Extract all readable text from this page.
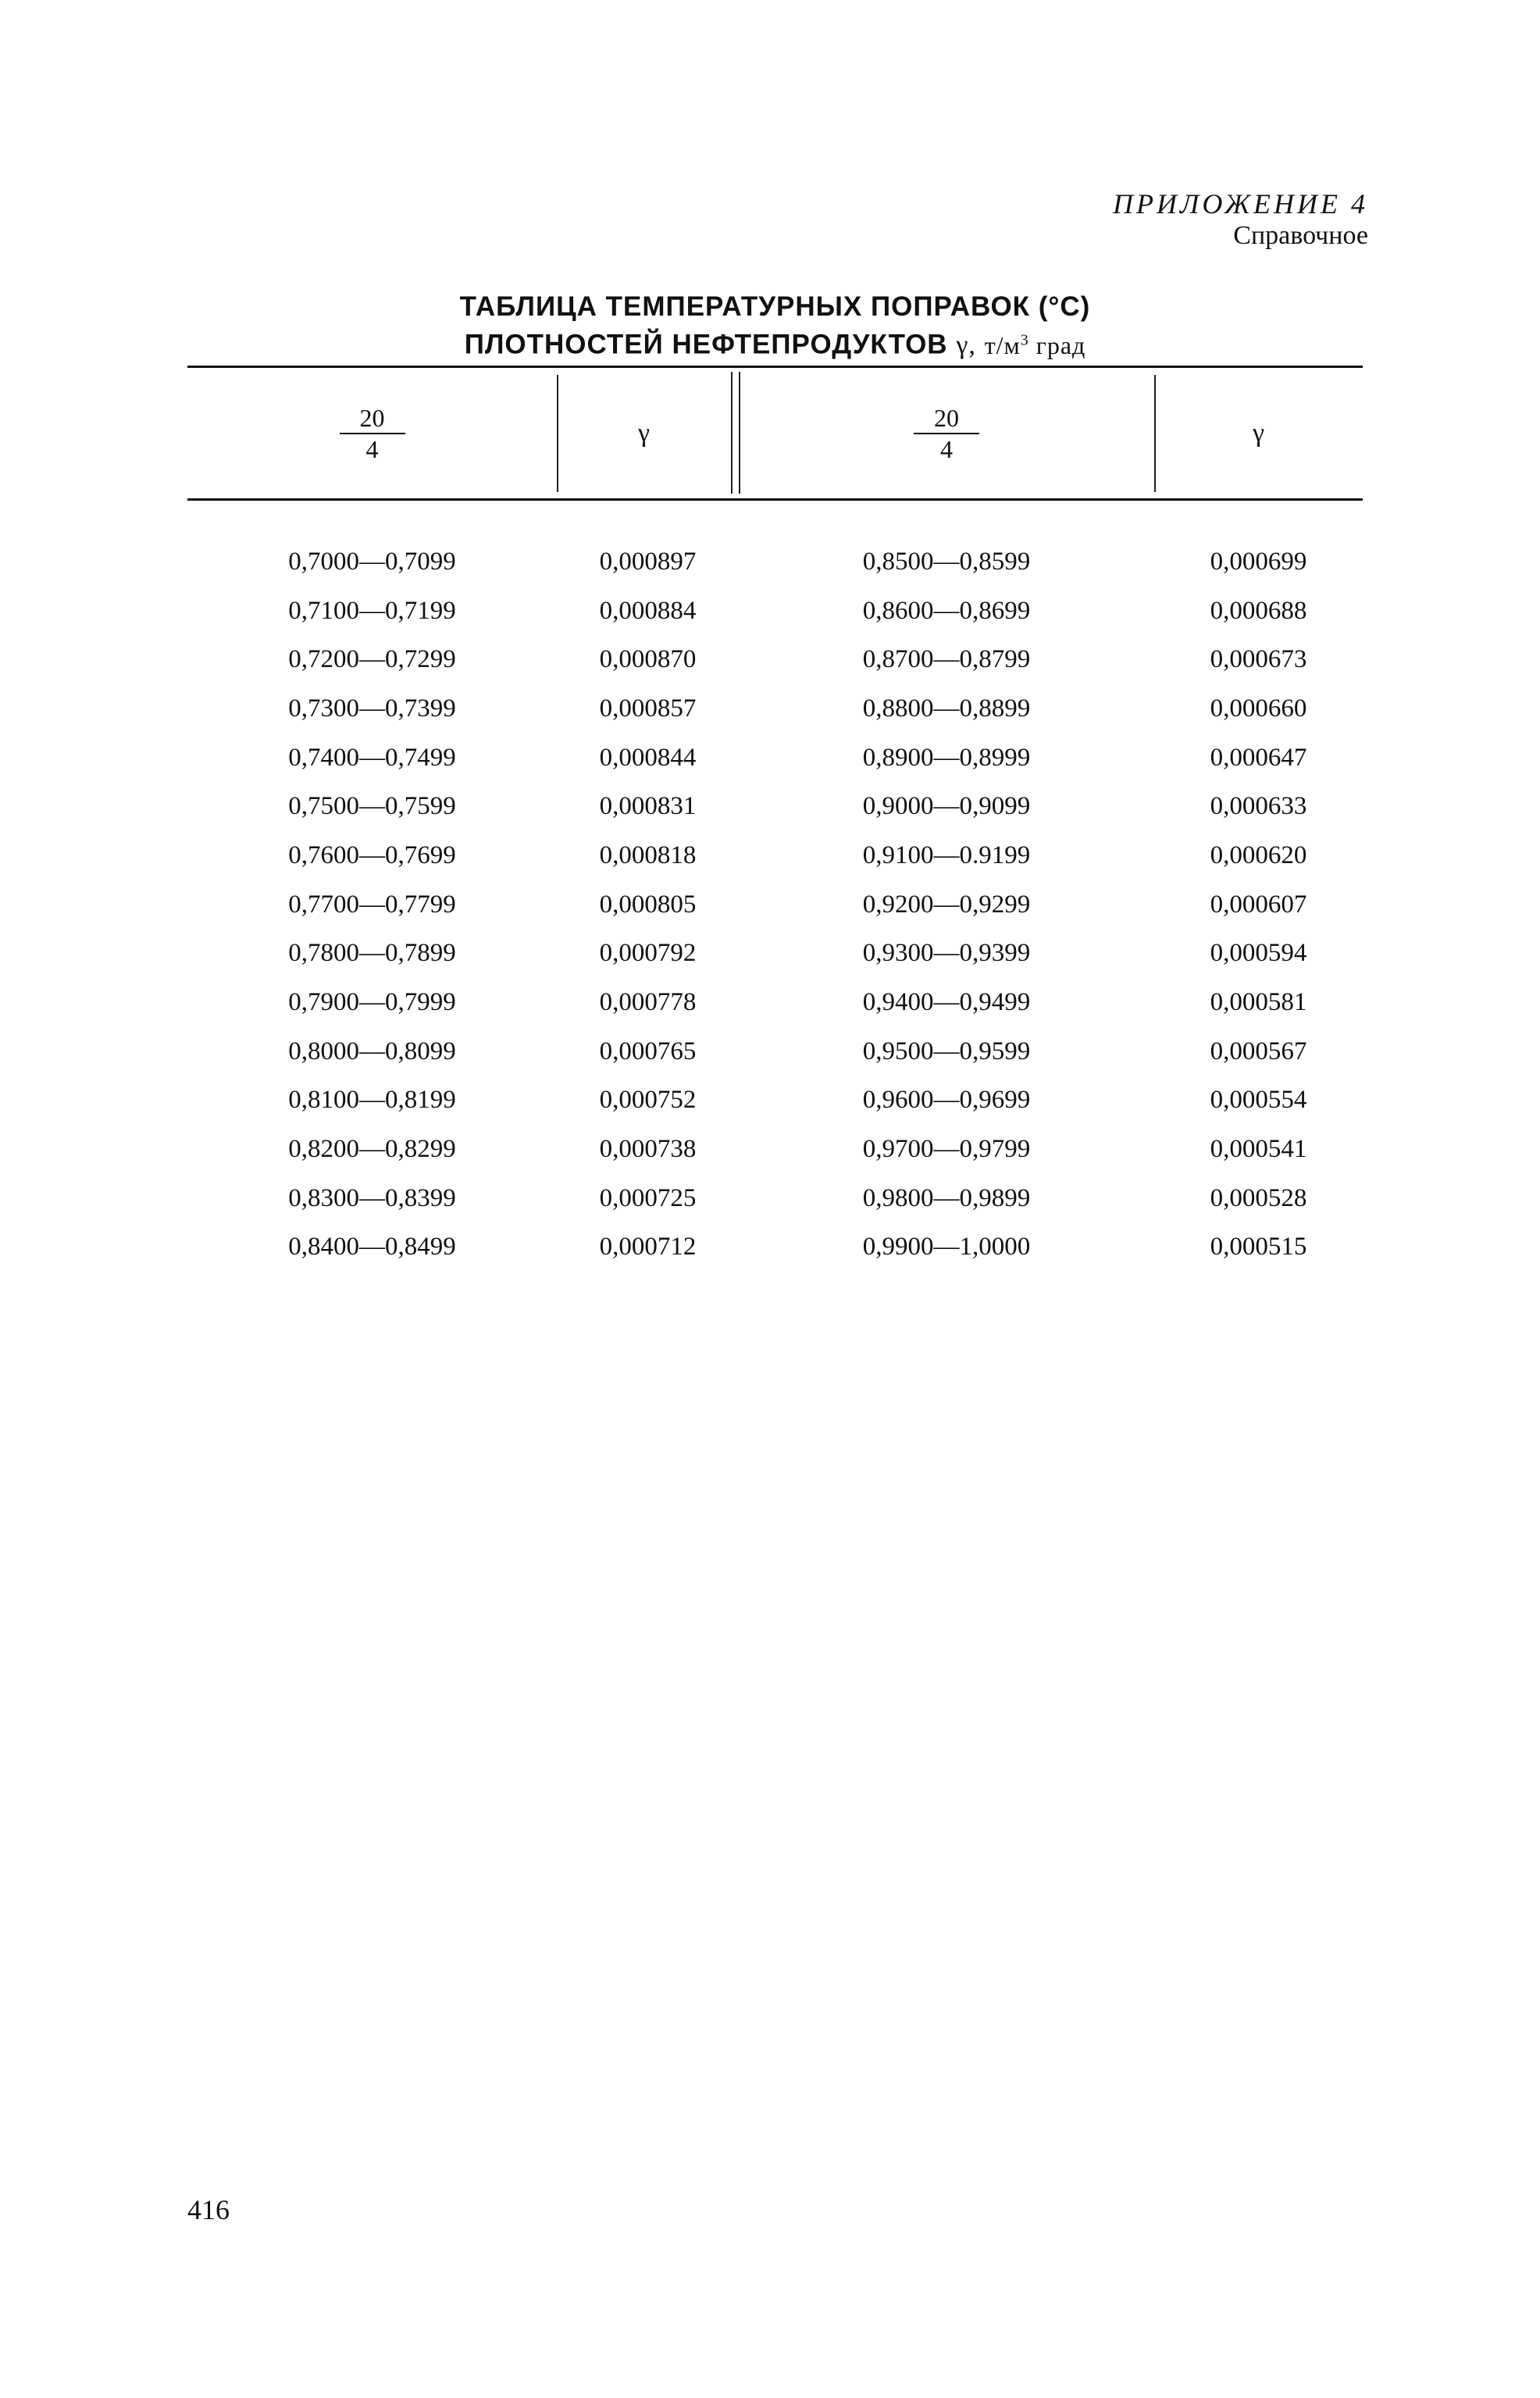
ПРИЛОЖЕНИЕ 4
Справочное
ТАБЛИЦА ТЕМПЕРАТУРНЫХ ПОПРАВОК (°С)
ПЛОТНОСТЕЙ НЕФТЕПРОДУКТОВ γ, $т/м^3$ град
$\frac{20}{4}$	γ	$\frac{20}{4}$	γ
0,7000—0,7099	0,000897	0,8500—0,8599	0,000699
0,7100—0,7199	0,000884	0,8600—0,8699	0,000688
0,7200—0,7299	0,000870	0,8700—0,8799	0,000673
0,7300—0,7399	0,000857	0,8800—0,8899	0,000660
0,7400—0,7499	0,000844	0,8900—0,8999	0,000647
0,7500—0,7599	0,000831	0,9000—0,9099	0,000633
0,7600—0,7699	0,000818	0,9100—0.9199	0,000620
0,7700—0,7799	0,000805	0,9200—0,9299	0,000607
0,7800—0,7899	0,000792	0,9300—0,9399	0,000594
0,7900—0,7999	0,000778	0,9400—0,9499	0,000581
0,8000—0,8099	0,000765	0,9500—0,9599	0,000567
0,8100—0,8199	0,000752	0,9600—0,9699	0,000554
0,8200—0,8299	0,000738	0,9700—0,9799	0,000541
0,8300—0,8399	0,000725	0,9800—0,9899	0,000528
0,8400—0,8499	0,000712	0,9900—1,0000	0,000515
416
